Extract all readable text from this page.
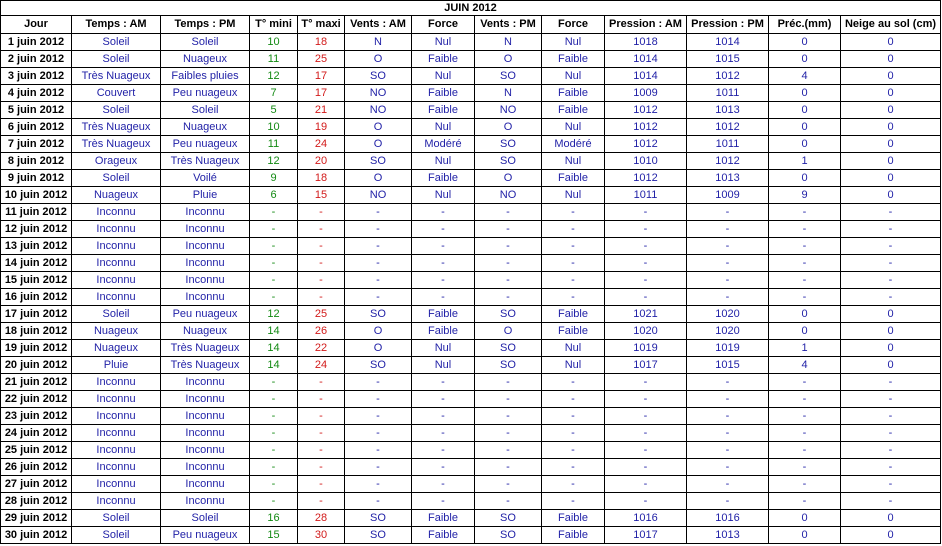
JUIN 2012												
Jour	Temps : AM	Temps : PM	T° mini	T° maxi	Vents : AM	Force	Vents : PM	Force	Pression : AM	Pression : PM	Préc.(mm)	Neige au sol (cm)
1 juin 2012	Soleil	Soleil	10	18	N	Nul	N	Nul	1018	1014	0	0
2 juin 2012	Soleil	Nuageux	11	25	O	Faible	O	Faible	1014	1015	0	0
3 juin 2012	Très Nuageux	Faibles pluies	12	17	SO	Nul	SO	Nul	1014	1012	4	0
4 juin 2012	Couvert	Peu nuageux	7	17	NO	Faible	N	Faible	1009	1011	0	0
5 juin 2012	Soleil	Soleil	5	21	NO	Faible	NO	Faible	1012	1013	0	0
6 juin 2012	Très Nuageux	Nuageux	10	19	O	Nul	O	Nul	1012	1012	0	0
7 juin 2012	Très Nuageux	Peu nuageux	11	24	O	Modéré	SO	Modéré	1012	1011	0	0
8 juin 2012	Orageux	Très Nuageux	12	20	SO	Nul	SO	Nul	1010	1012	1	0
9 juin 2012	Soleil	Voilé	9	18	O	Faible	O	Faible	1012	1013	0	0
10 juin 2012	Nuageux	Pluie	6	15	NO	Nul	NO	Nul	1011	1009	9	0
11 juin 2012	Inconnu	Inconnu	-	-	-	-	-	-	-	-	-	-
12 juin 2012	Inconnu	Inconnu	-	-	-	-	-	-	-	-	-	-
13 juin 2012	Inconnu	Inconnu	-	-	-	-	-	-	-	-	-	-
14 juin 2012	Inconnu	Inconnu	-	-	-	-	-	-	-	-	-	-
15 juin 2012	Inconnu	Inconnu	-	-	-	-	-	-	-	-	-	-
16 juin 2012	Inconnu	Inconnu	-	-	-	-	-	-	-	-	-	-
17 juin 2012	Soleil	Peu nuageux	12	25	SO	Faible	SO	Faible	1021	1020	0	0
18 juin 2012	Nuageux	Nuageux	14	26	O	Faible	O	Faible	1020	1020	0	0
19 juin 2012	Nuageux	Très Nuageux	14	22	O	Nul	SO	Nul	1019	1019	1	0
20 juin 2012	Pluie	Très Nuageux	14	24	SO	Nul	SO	Nul	1017	1015	4	0
21 juin 2012	Inconnu	Inconnu	-	-	-	-	-	-	-	-	-	-
22 juin 2012	Inconnu	Inconnu	-	-	-	-	-	-	-	-	-	-
23 juin 2012	Inconnu	Inconnu	-	-	-	-	-	-	-	-	-	-
24 juin 2012	Inconnu	Inconnu	-	-	-	-	-	-	-	-	-	-
25 juin 2012	Inconnu	Inconnu	-	-	-	-	-	-	-	-	-	-
26 juin 2012	Inconnu	Inconnu	-	-	-	-	-	-	-	-	-	-
27 juin 2012	Inconnu	Inconnu	-	-	-	-	-	-	-	-	-	-
28 juin 2012	Inconnu	Inconnu	-	-	-	-	-	-	-	-	-	-
29 juin 2012	Soleil	Soleil	16	28	SO	Faible	SO	Faible	1016	1016	0	0
30 juin 2012	Soleil	Peu nuageux	15	30	SO	Faible	SO	Faible	1017	1013	0	0
